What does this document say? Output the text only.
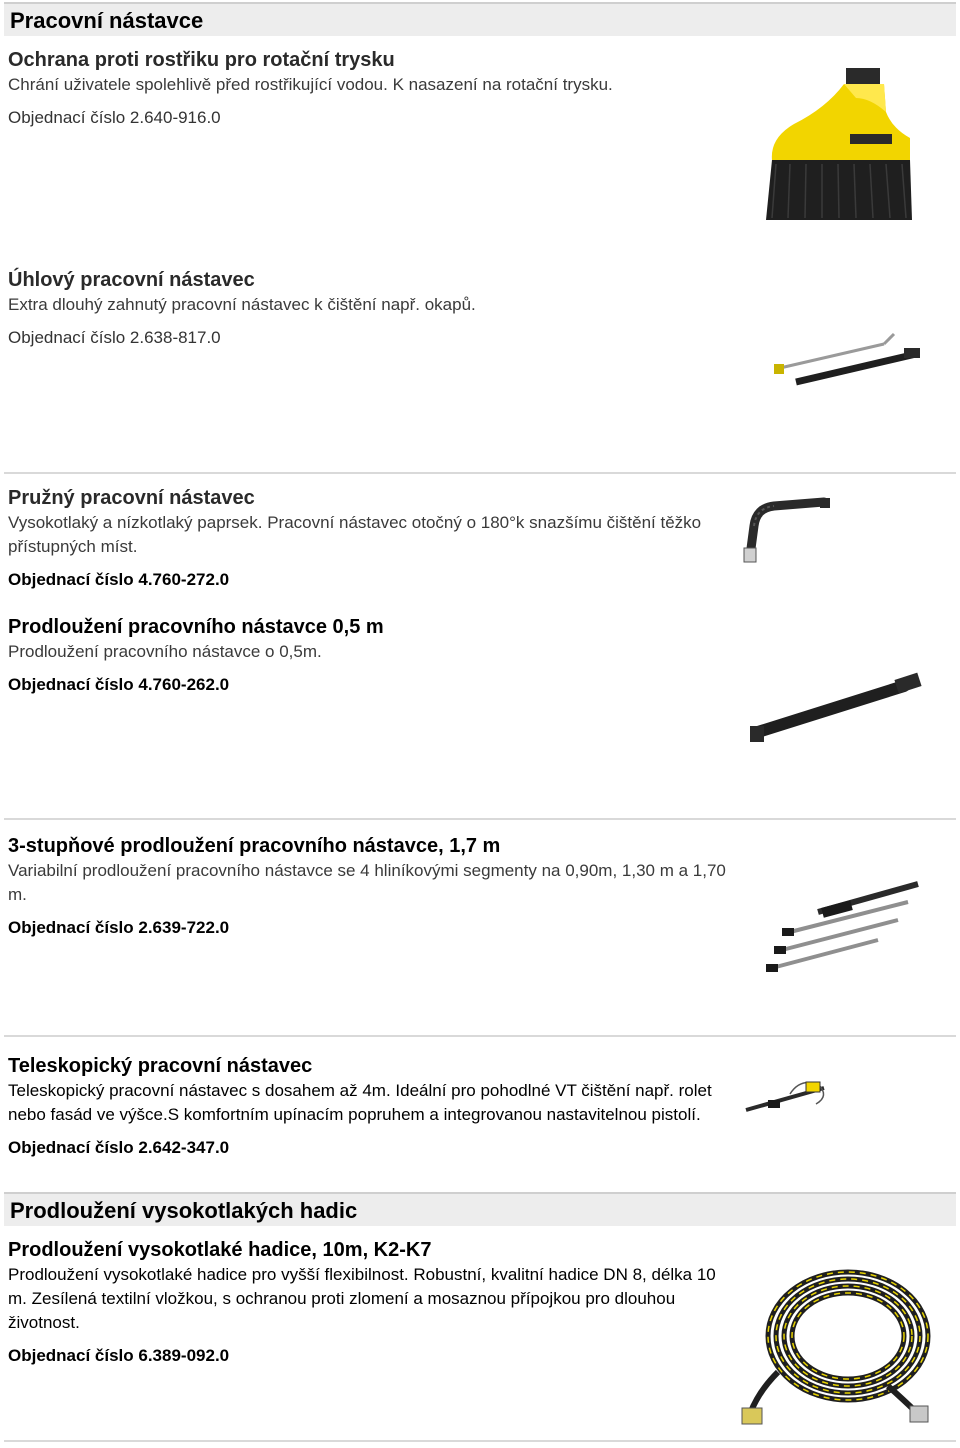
Pracovní nástavce
Ochrana proti rostřiku pro rotační trysku
Chrání uživatele spolehlivě před rostřikující vodou. K nasazení na rotační trysku.
Objednací číslo 2.640-916.0
Úhlový pracovní nástavec
Extra dlouhý zahnutý pracovní nástavec k čištění např. okapů.
Objednací číslo 2.638-817.0
Pružný pracovní nástavec
Vysokotlaký a nízkotlaký paprsek. Pracovní nástavec otočný o 180°k snazšímu čištění těžko přístupných míst.
Objednací číslo 4.760-272.0
Prodloužení pracovního nástavce 0,5 m
Prodloužení pracovního nástavce o 0,5m.
Objednací číslo 4.760-262.0
3-stupňové prodloužení pracovního nástavce, 1,7 m
Variabilní prodloužení pracovního nástavce se 4 hliníkovými segmenty na 0,90m, 1,30 m a 1,70 m.
Objednací číslo 2.639-722.0
Teleskopický pracovní nástavec
Teleskopický pracovní nástavec s dosahem až 4m. Ideální pro pohodlné VT čištění např. rolet nebo fasád ve výšce.S komfortním upínacím popruhem a integrovanou nastavitelnou pistolí.
Objednací číslo 2.642-347.0
Prodloužení vysokotlakých hadic
Prodloužení vysokotlaké hadice, 10m, K2-K7
Prodloužení vysokotlaké hadice pro vyšší flexibilnost. Robustní, kvalitní hadice DN 8, délka 10 m. Zesílená textilní vložkou, s ochranou proti zlomení a mosaznou přípojkou pro dlouhou životnost.
Objednací číslo 6.389-092.0
